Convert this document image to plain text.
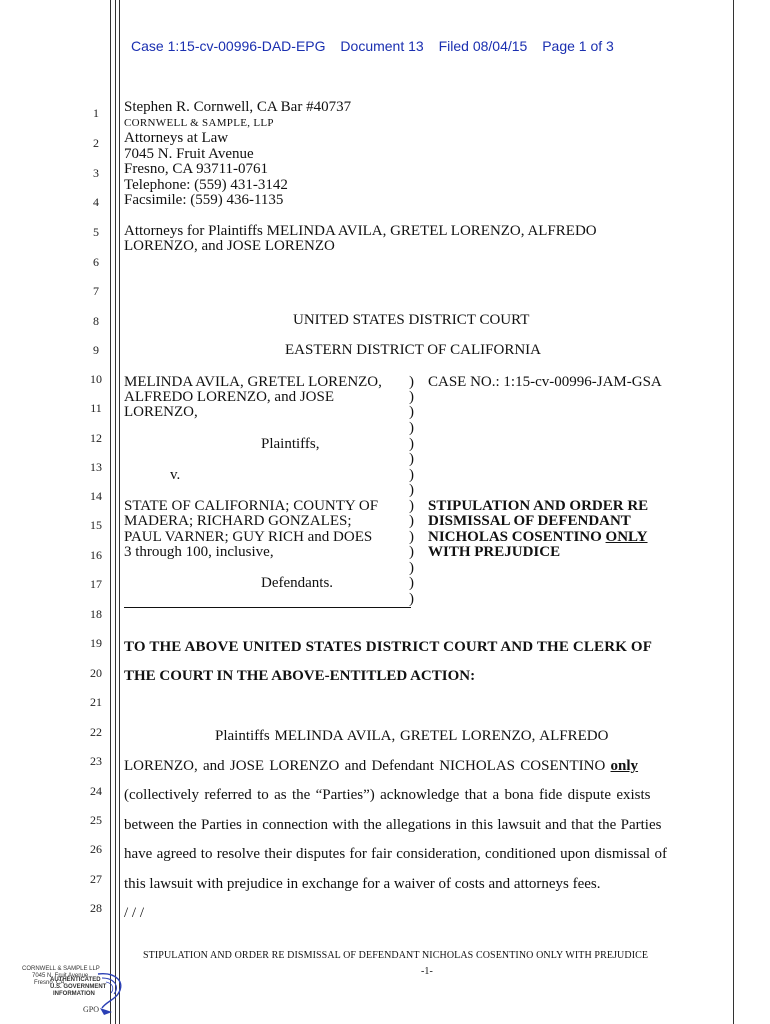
Case 1:15-cv-00996-DAD-EPG Document 13 Filed 08/04/15 Page 1 of 3
1
2
3
4
5
6
7
8
9
10
11
12
13
14
15
16
17
18
19
20
21
22
23
24
25
26
27
28
Stephen R. Cornwell, CA Bar #40737
CORNWELL & SAMPLE, LLP
Attorneys at Law
7045 N. Fruit Avenue
Fresno, CA 93711-0761
Telephone: (559) 431-3142
Facsimile: (559) 436-1135
Attorneys for Plaintiffs MELINDA AVILA, GRETEL LORENZO, ALFREDO
LORENZO, and JOSE LORENZO
UNITED STATES DISTRICT COURT
EASTERN DISTRICT OF CALIFORNIA
MELINDA AVILA, GRETEL LORENZO,
ALFREDO LORENZO, and JOSE
LORENZO,
Plaintiffs,
v.
STATE OF CALIFORNIA; COUNTY OF
MADERA; RICHARD GONZALES;
PAUL VARNER; GUY RICH and DOES
3 through 100, inclusive,
Defendants.
)
)
)
)
)
)
)
)
)
)
)
)
)
)
)
CASE NO.: 1:15-cv-00996-JAM-GSA
STIPULATION AND ORDER RE
DISMISSAL OF DEFENDANT
NICHOLAS COSENTINO ONLY
WITH PREJUDICE
TO THE ABOVE UNITED STATES DISTRICT COURT AND THE CLERK OF
THE COURT IN THE ABOVE-ENTITLED ACTION:
Plaintiffs MELINDA AVILA, GRETEL LORENZO, ALFREDO
LORENZO, and JOSE LORENZO and Defendant NICHOLAS COSENTINO only
(collectively referred to as the “Parties”) acknowledge that a bona fide dispute exists
between the Parties in connection with the allegations in this lawsuit and that the Parties
have agreed to resolve their disputes for fair consideration, conditioned upon dismissal of
this lawsuit with prejudice in exchange for a waiver of costs and attorneys fees.
/ / /
STIPULATION AND ORDER RE DISMISSAL OF DEFENDANT NICHOLAS COSENTINO ONLY WITH PREJUDICE
-1-
CORNWELL & SAMPLE LLP
7045 N. Fruit Avenue
Fresno, CA
AUTHENTICATED
U.S. GOVERNMENT
INFORMATION
GPO
